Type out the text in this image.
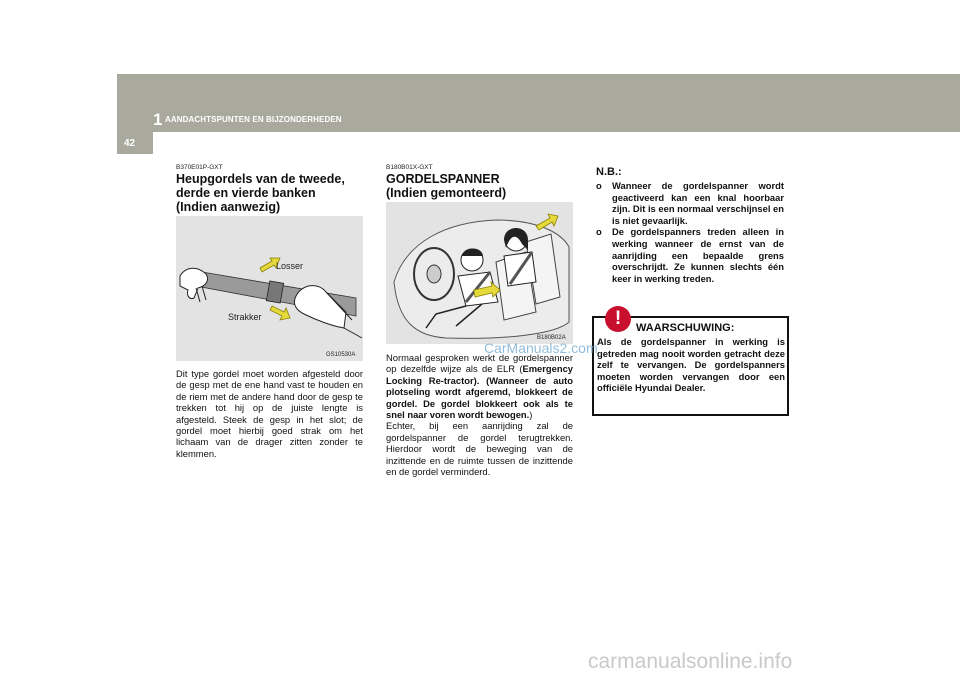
1 AANDACHTSPUNTEN EN BIJZONDERHEDEN
42

B370E01P-GXT

Heupgordels van de tweede,
derde en vierde banken
(Indien aanwezig)
Losser
Strakker
GS10530A

Dit type gordel moet worden afgesteld door de gesp met de ene hand vast te houden en de riem met de andere hand door de gesp te trekken tot hij op de juiste lengte is afgesteld. Steek de gesp in het slot; de gordel moet hierbij goed strak om het lichaam van de drager zitten zonder te klemmen.

B180B01X-GXT

GORDELSPANNER
(Indien gemonteerd)
B180B02A

Normaal gesproken werkt de gordelspanner op dezelfde wijze als de ELR (Emergency Locking Re-tractor). (Wanneer de auto plotseling wordt afgeremd, blokkeert de gordel. De gordel blokkeert ook als te snel naar voren wordt bewogen.)

Echter, bij een aanrijding zal de gordelspanner de gordel terugtrekken. Hierdoor wordt de beweging van de inzittende en de ruimte tussen de inzittende en de gordel verminderd.

N.B.:

o Wanneer de gordelspanner wordt geactiveerd kan een knal hoorbaar zijn. Dit is een normaal verschijnsel en is niet gevaarlijk.
o De gordelspanners treden alleen in werking wanneer de ernst van de aanrijding een bepaalde grens overschrijdt. Ze kunnen slechts één keer in werking treden.
!	WAARSCHUWING:
Als de gordelspanner in werking is getreden mag nooit worden getracht deze zelf te vervangen. De gordelspanners moeten worden vervangen door een officiële Hyundai Dealer.
CarManuals2.com
carmanualsonline.info
